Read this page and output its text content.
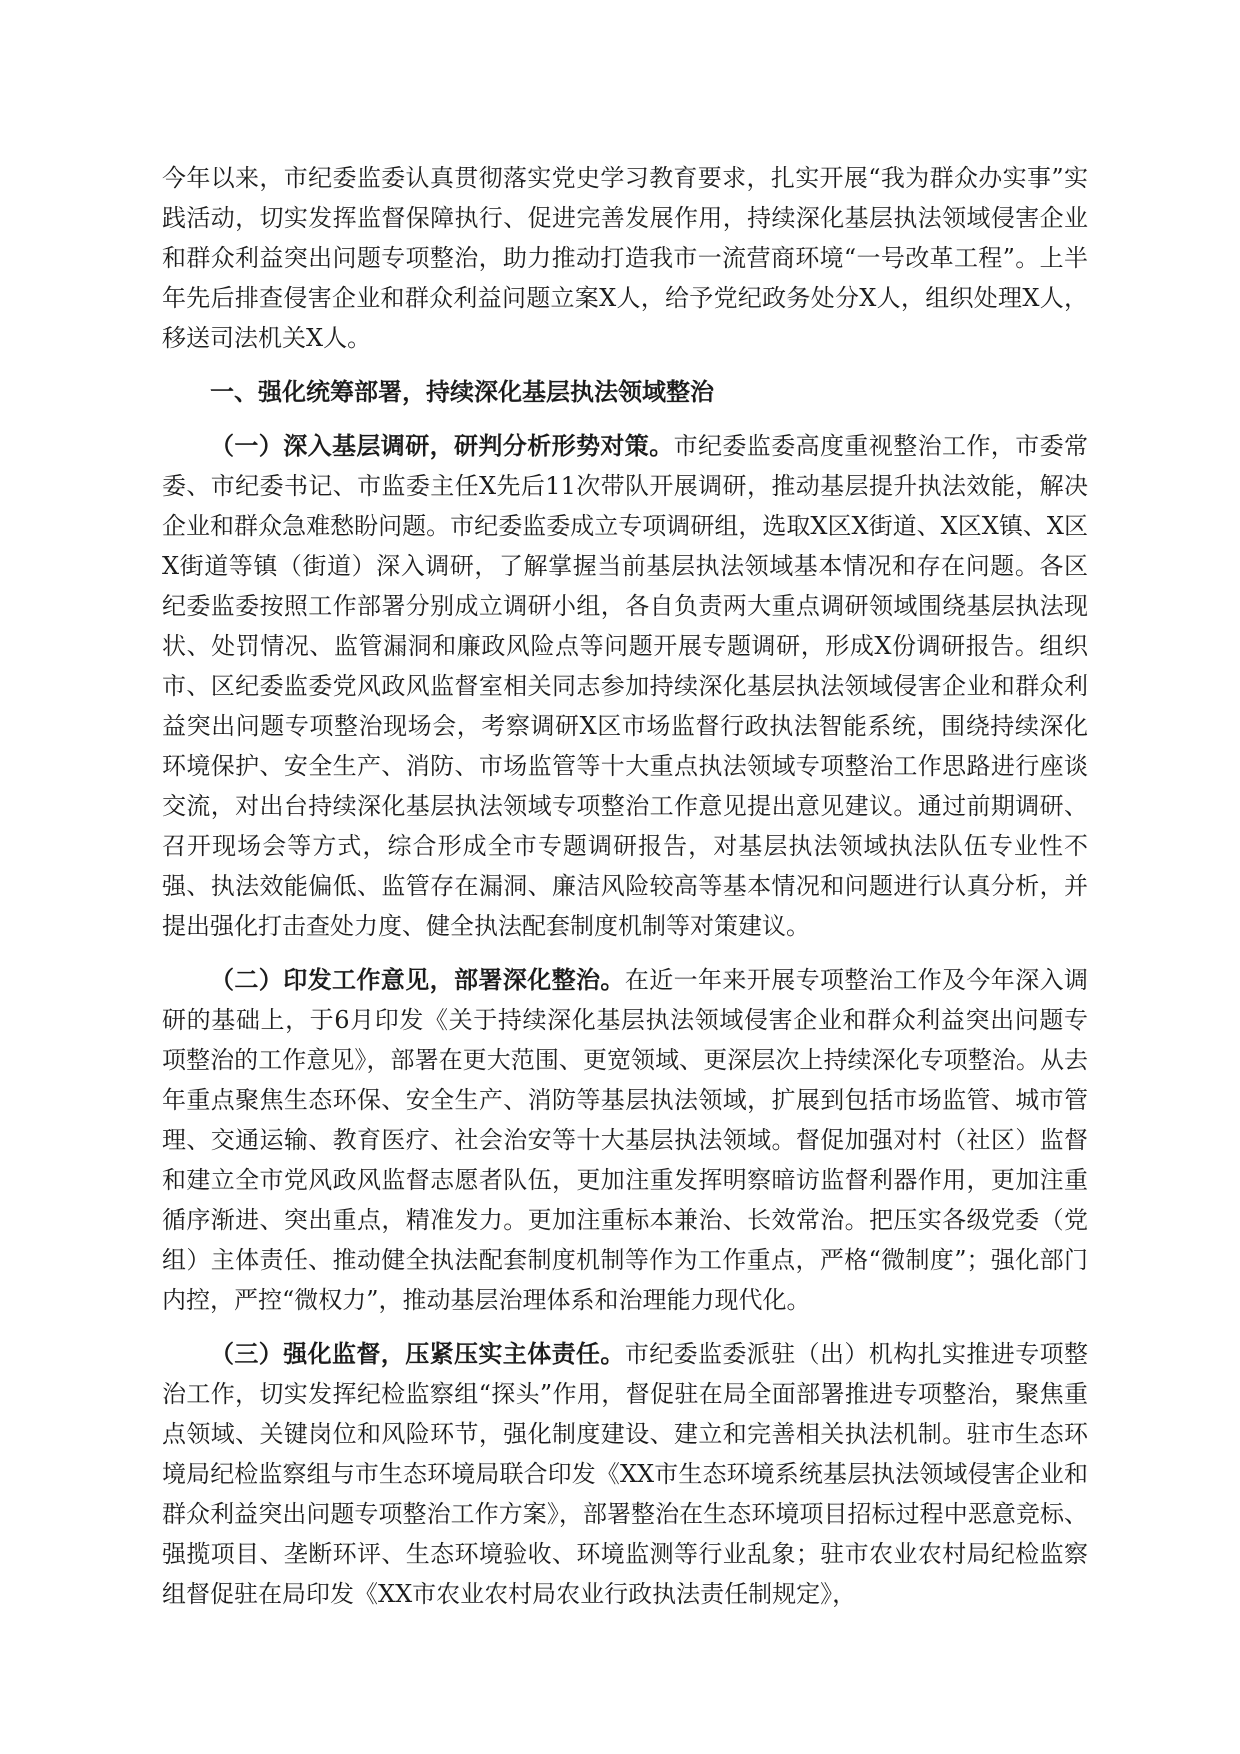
今年以来，市纪委监委认真贯彻落实党史学习教育要求，扎实开展“我为群众办实事”实践活动，切实发挥监督保障执行、促进完善发展作用，持续深化基层执法领域侵害企业和群众利益突出问题专项整治，助力推动打造我市一流营商环境“一号改革工程”。上半年先后排查侵害企业和群众利益问题立案X人，给予党纪政务处分X人，组织处理X人，移送司法机关X人。

一、强化统筹部署，持续深化基层执法领域整治

（一）深入基层调研，研判分析形势对策。市纪委监委高度重视整治工作，市委常委、市纪委书记、市监委主任X先后11次带队开展调研，推动基层提升执法效能，解决企业和群众急难愁盼问题。市纪委监委成立专项调研组，选取X区X街道、X区X镇、X区X街道等镇（街道）深入调研，了解掌握当前基层执法领域基本情况和存在问题。各区纪委监委按照工作部署分别成立调研小组，各自负责两大重点调研领域围绕基层执法现状、处罚情况、监管漏洞和廉政风险点等问题开展专题调研，形成X份调研报告。组织市、区纪委监委党风政风监督室相关同志参加持续深化基层执法领域侵害企业和群众利益突出问题专项整治现场会，考察调研X区市场监督行政执法智能系统，围绕持续深化环境保护、安全生产、消防、市场监管等十大重点执法领域专项整治工作思路进行座谈交流，对出台持续深化基层执法领域专项整治工作意见提出意见建议。通过前期调研、召开现场会等方式，综合形成全市专题调研报告，对基层执法领域执法队伍专业性不强、执法效能偏低、监管存在漏洞、廉洁风险较高等基本情况和问题进行认真分析，并提出强化打击查处力度、健全执法配套制度机制等对策建议。

（二）印发工作意见，部署深化整治。在近一年来开展专项整治工作及今年深入调研的基础上，于6月印发《关于持续深化基层执法领域侵害企业和群众利益突出问题专项整治的工作意见》，部署在更大范围、更宽领域、更深层次上持续深化专项整治。从去年重点聚焦生态环保、安全生产、消防等基层执法领域，扩展到包括市场监管、城市管理、交通运输、教育医疗、社会治安等十大基层执法领域。督促加强对村（社区）监督和建立全市党风政风监督志愿者队伍，更加注重发挥明察暗访监督利器作用，更加注重循序渐进、突出重点，精准发力。更加注重标本兼治、长效常治。把压实各级党委（党组）主体责任、推动健全执法配套制度机制等作为工作重点，严格“微制度”；强化部门内控，严控“微权力”，推动基层治理体系和治理能力现代化。

（三）强化监督，压紧压实主体责任。市纪委监委派驻（出）机构扎实推进专项整治工作，切实发挥纪检监察组“探头”作用，督促驻在局全面部署推进专项整治，聚焦重点领域、关键岗位和风险环节，强化制度建设、建立和完善相关执法机制。驻市生态环境局纪检监察组与市生态环境局联合印发《XX市生态环境系统基层执法领域侵害企业和群众利益突出问题专项整治工作方案》，部署整治在生态环境项目招标过程中恶意竞标、强揽项目、垄断环评、生态环境验收、环境监测等行业乱象；驻市农业农村局纪检监察组督促驻在局印发《XX市农业农村局农业行政执法责任制规定》，
